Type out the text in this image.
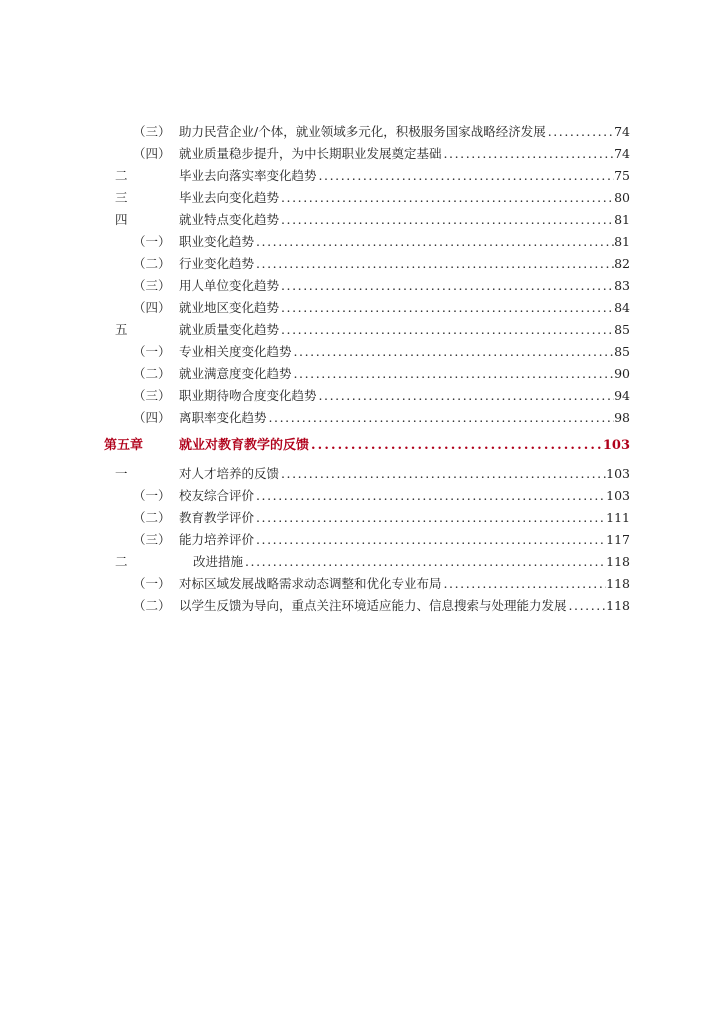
（三） 助力民营企业/个体，就业领域多元化，积极服务国家战略经济发展 . . .	74
（四） 就业质量稳步提升，为中长期职业发展奠定基础 . . .	74
二	毕业去向落实率变化趋势 . . .	75
三	毕业去向变化趋势 . . .	80
四	就业特点变化趋势 . . .	81
（一） 职业变化趋势 . . .	81
（二） 行业变化趋势 . . .	82
（三） 用人单位变化趋势 . . .	83
（四） 就业地区变化趋势 . . .	84
五	就业质量变化趋势 . . .	85
（一） 专业相关度变化趋势 . . .	85
（二） 就业满意度变化趋势 . . .	90
（三） 职业期待吻合度变化趋势 . . .	94
（四） 离职率变化趋势 . . .	98
第五章	就业对教育教学的反馈 . . .	103
一	对人才培养的反馈 . . .	103
（一） 校友综合评价 . . .	103
（二） 教育教学评价 . . .	111
（三） 能力培养评价 . . .	117
二	改进措施 . . .	118
（一） 对标区域发展战略需求动态调整和优化专业布局 . . .	118
（二） 以学生反馈为导向，重点关注环境适应能力、信息搜索与处理能力发展 . . .	118
